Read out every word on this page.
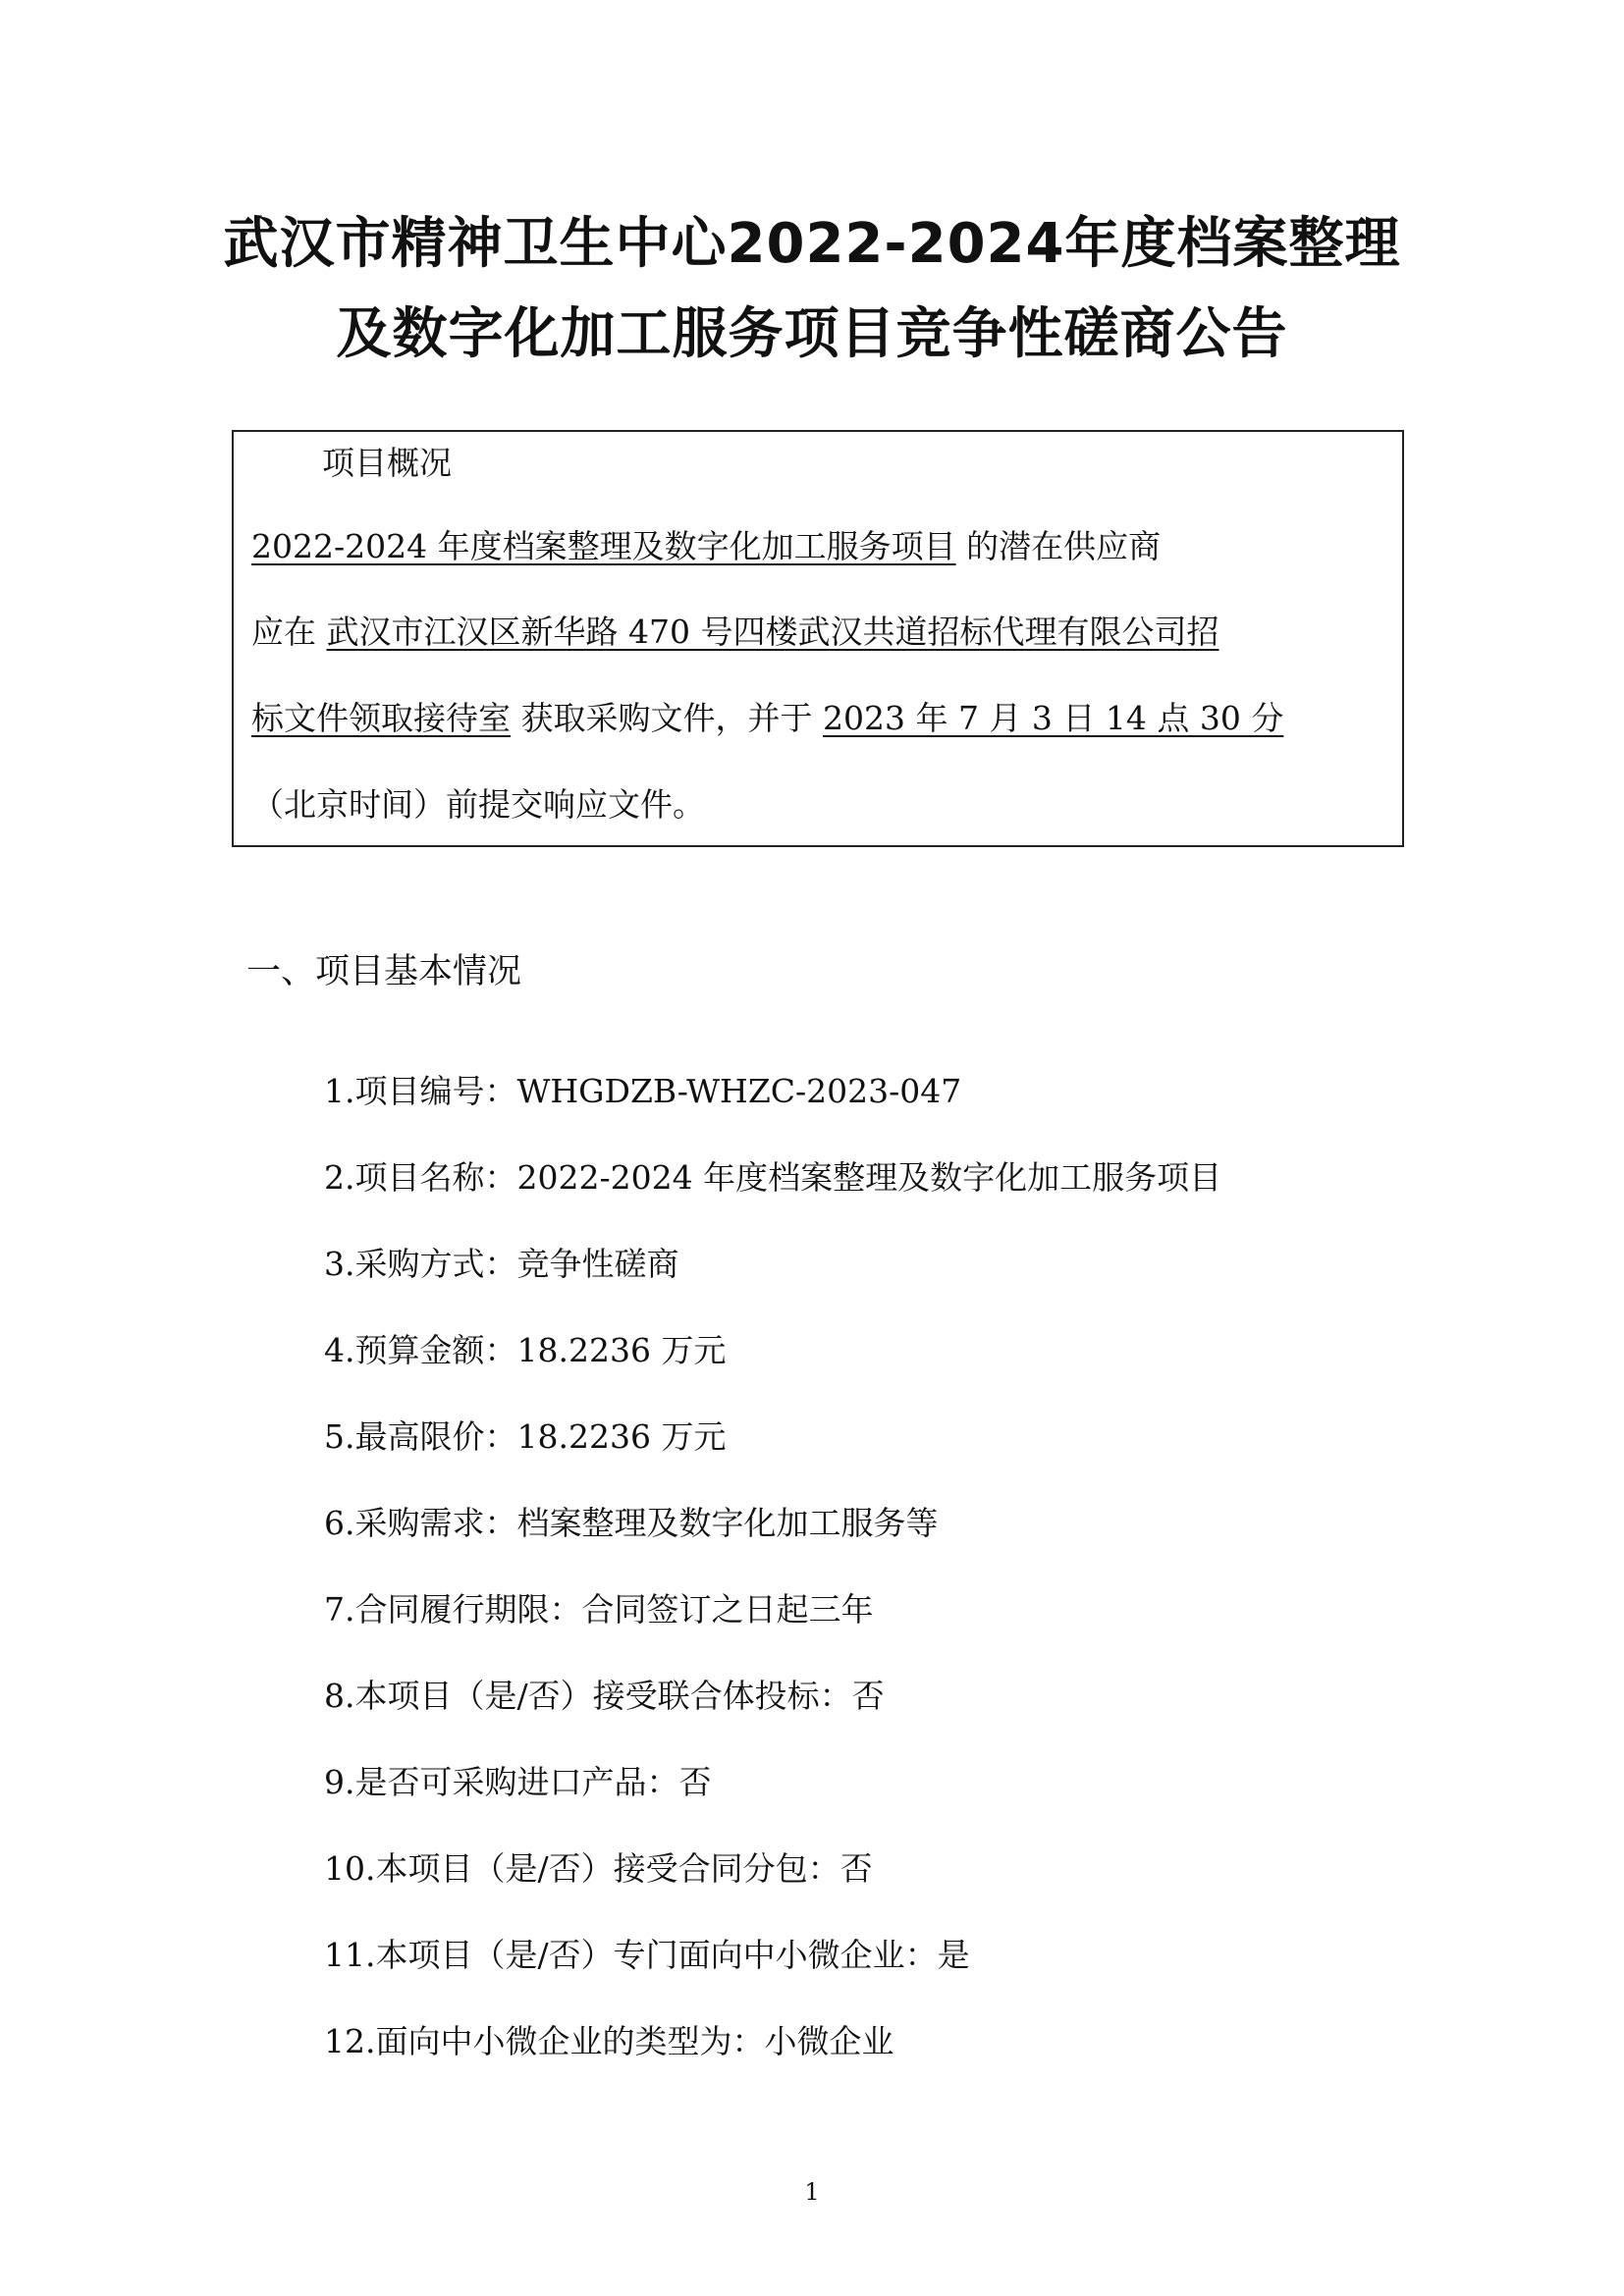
武汉市精神卫生中心2022-2024年度档案整理
及数字化加工服务项目竞争性磋商公告
项目概况
2022-2024 年度档案整理及数字化加工服务项目 的潜在供应商
应在 武汉市江汉区新华路 470 号四楼武汉共道招标代理有限公司招
标文件领取接待室 获取采购文件，并于 2023 年 7 月 3 日 14 点 30 分
（北京时间）前提交响应文件。
一、项目基本情况
1.项目编号：WHGDZB-WHZC-2023-047
2.项目名称：2022-2024 年度档案整理及数字化加工服务项目
3.采购方式：竞争性磋商
4.预算金额：18.2236 万元
5.最高限价：18.2236 万元
6.采购需求：档案整理及数字化加工服务等
7.合同履行期限：合同签订之日起三年
8.本项目（是/否）接受联合体投标：否
9.是否可采购进口产品：否
10.本项目（是/否）接受合同分包：否
11.本项目（是/否）专门面向中小微企业：是
12.面向中小微企业的类型为：小微企业
1
